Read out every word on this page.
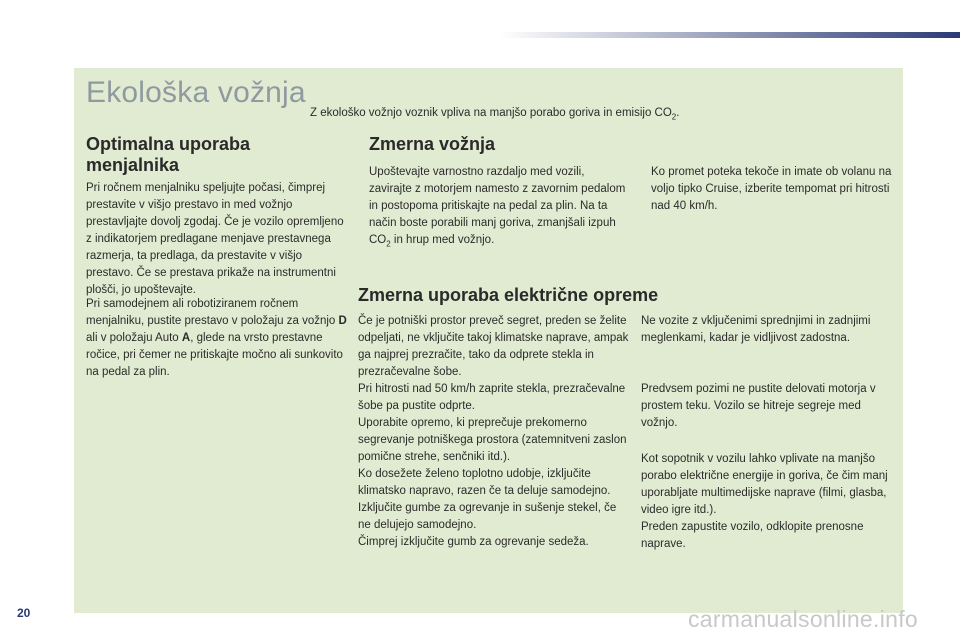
Ekološka vožnja

Z ekološko vožnjo voznik vpliva na manjšo porabo goriva in emisijo $CO_2$.

Optimalna uporaba
menjalnika

Pri ročnem menjalniku speljujte počasi, čimprej prestavite v višjo prestavo in med vožnjo prestavljajte dovolj zgodaj. Če je vozilo opremljeno z indikatorjem predlagane menjave prestavnega razmerja, ta predlaga, da prestavite v višjo prestavo. Če se prestava prikaže na instrumentni plošči, jo upoštevajte.

Pri samodejnem ali robotiziranem ročnem menjalniku, pustite prestavo v položaju za vožnjo D ali v položaju Auto A, glede na vrsto prestavne ročice, pri čemer ne pritiskajte močno ali sunkovito na pedal za plin.

Zmerna vožnja

Upoštevajte varnostno razdaljo med vozili, zavirajte z motorjem namesto z zavornim pedalom in postopoma pritiskajte na pedal za plin. Na ta način boste porabili manj goriva, zmanjšali izpuh $CO_2$ in hrup med vožnjo.

Ko promet poteka tekoče in imate ob volanu na voljo tipko Cruise, izberite tempomat pri hitrosti nad 40 km/h.

Zmerna uporaba električne opreme
Če je potniški prostor preveč segret, preden se želite odpeljati, ne vključite takoj klimatske naprave, ampak ga najprej prezračite, tako da odprete stekla in prezračevalne šobe.
Pri hitrosti nad 50 km/h zaprite stekla, prezračevalne šobe pa pustite odprte.
Uporabite opremo, ki preprečuje prekomerno segrevanje potniškega prostora (zatemnitveni zaslon pomične strehe, senčniki itd.).
Ko dosežete želeno toplotno udobje, izključite klimatsko napravo, razen če ta deluje samodejno.
Izključite gumbe za ogrevanje in sušenje stekel, če ne delujejo samodejno.
Čimprej izključite gumb za ogrevanje sedeža.

Ne vozite z vključenimi sprednjimi in zadnjimi meglenkami, kadar je vidljivost zadostna.

Predvsem pozimi ne pustite delovati motorja v prostem teku. Vozilo se hitreje segreje med vožnjo.

Kot sopotnik v vozilu lahko vplivate na manjšo porabo električne energije in goriva, če čim manj uporabljate multimedijske naprave (filmi, glasba, video igre itd.).
Preden zapustite vozilo, odklopite prenosne naprave.
20	carmanualsonline.info
